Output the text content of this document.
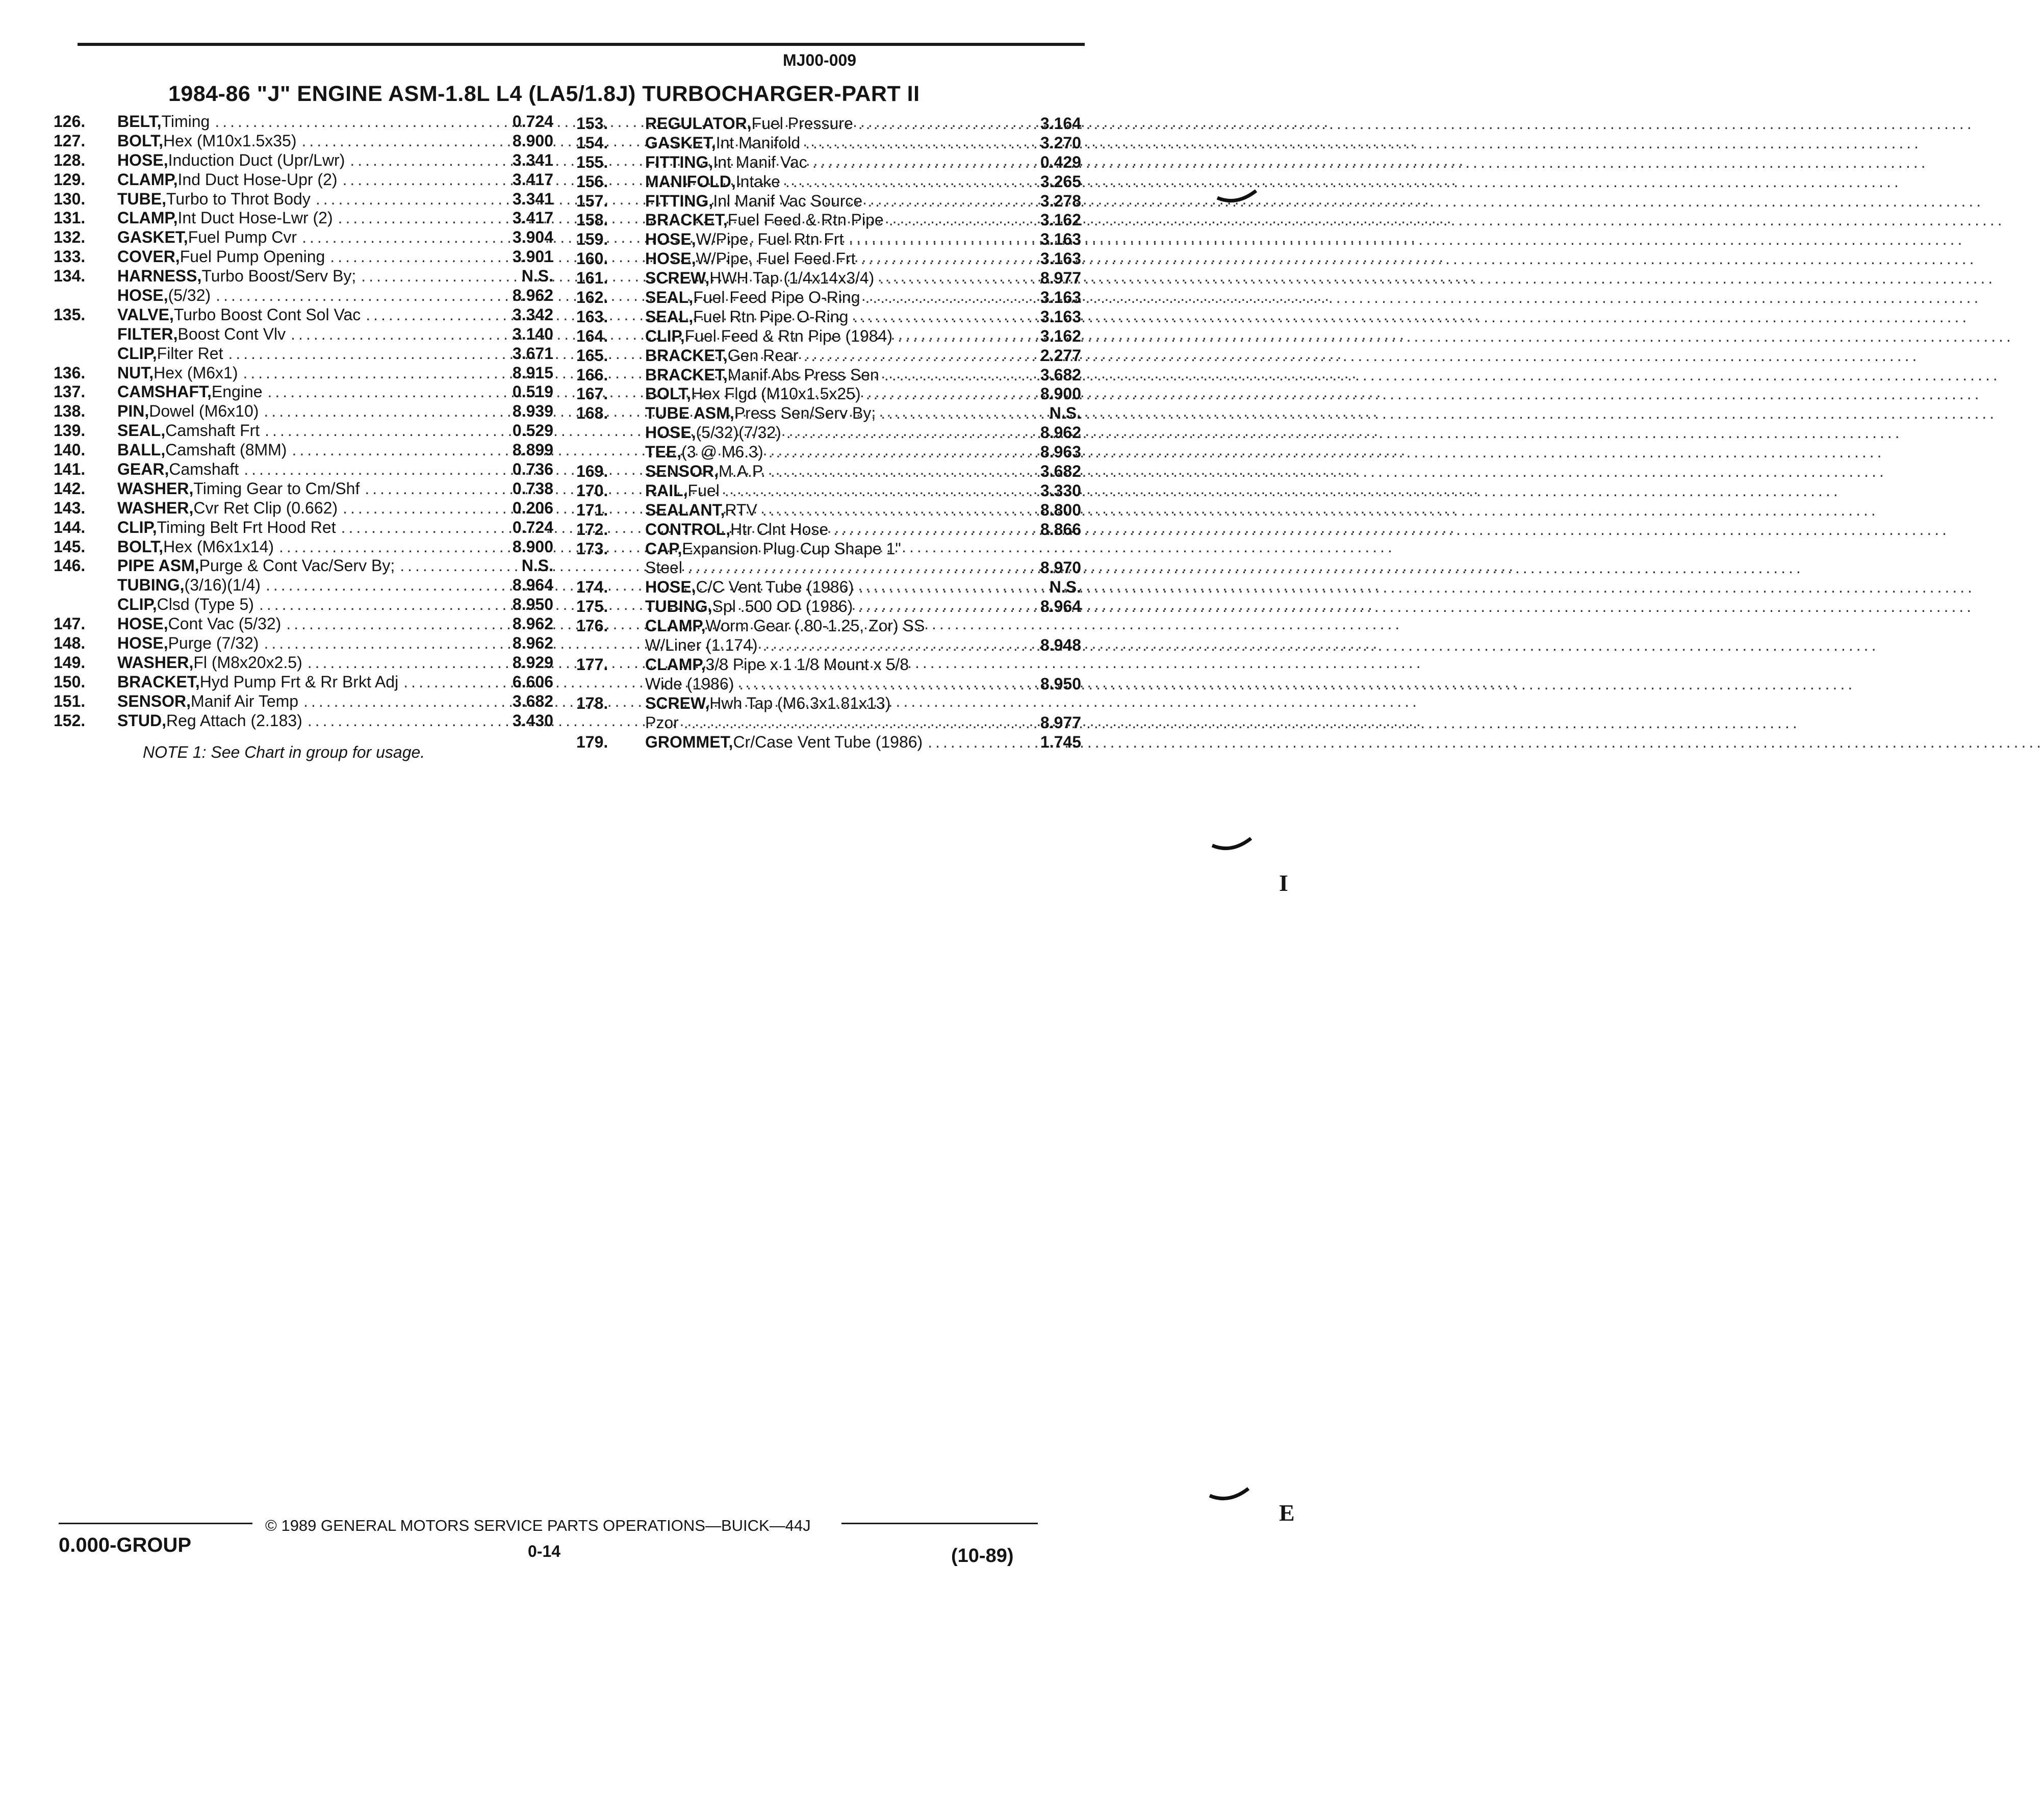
MJ00-009
1984-86 "J" ENGINE ASM-1.8L L4 (LA5/1.8J) TURBOCHARGER-PART II
126. BELT, Timing .....	0.724
127. BOLT, Hex (M10x1.5x35) .....	8.900
128. HOSE, Induction Duct (Upr/Lwr) .....	3.341
129. CLAMP, Ind Duct Hose-Upr (2) .....	3.417
130. TUBE, Turbo to Throt Body .....	3.341
131. CLAMP, Int Duct Hose-Lwr (2) .....	3.417
132. GASKET, Fuel Pump Cvr .....	3.904
133. COVER, Fuel Pump Opening .....	3.901
134. HARNESS, Turbo Boost/Serv By; .....	N.S.
HOSE, (5/32) .....	8.962
135. VALVE, Turbo Boost Cont Sol Vac .....	3.342
FILTER, Boost Cont Vlv .....	3.140
CLIP, Filter Ret .....	3.671
136. NUT, Hex (M6x1) .....	8.915
137. CAMSHAFT, Engine .....	0.519
138. PIN, Dowel (M6x10) .....	8.939
139. SEAL, Camshaft Frt .....	0.529
140. BALL, Camshaft (8MM) .....	8.899
141. GEAR, Camshaft .....	0.736
142. WASHER, Timing Gear to Cm/Shf .....	0.738
143. WASHER, Cvr Ret Clip (0.662) .....	0.206
144. CLIP, Timing Belt Frt Hood Ret .....	0.724
145. BOLT, Hex (M6x1x14) .....	8.900
146. PIPE ASM, Purge & Cont Vac/Serv By; .....	N.S.
TUBING, (3/16)(1/4) .....	8.964
CLIP, Clsd (Type 5) .....	8.950
147. HOSE, Cont Vac (5/32) .....	8.962
148. HOSE, Purge (7/32) .....	8.962
149. WASHER, Fl (M8x20x2.5) .....	8.929
150. BRACKET, Hyd Pump Frt & Rr Brkt Adj .....	6.606
151. SENSOR, Manif Air Temp .....	3.682
152. STUD, Reg Attach (2.183) .....	3.430
153. REGULATOR, Fuel Pressure .....	3.164
154. GASKET, Int Manifold .....	3.270
155. FITTING, Int Manif Vac .....	0.429
156. MANIFOLD, Intake .....	3.265
157. FITTING, Inl Manif Vac Source .....	3.278
158. BRACKET, Fuel Feed & Rtn Pipe .....	3.162
159. HOSE, W/Pipe, Fuel Rtn Frt .....	3.163
160. HOSE, W/Pipe, Fuel Feed Frt .....	3.163
161. SCREW, HWH Tap (1/4x14x3/4) .....	8.977
162. SEAL, Fuel Feed Pipe O-Ring .....	3.163
163. SEAL, Fuel Rtn Pipe O-Ring .....	3.163
164. CLIP, Fuel Feed & Rtn Pipe (1984) .....	3.162
165. BRACKET, Gen Rear .....	2.277
166. BRACKET, Manif Abs Press Sen .....	3.682
167. BOLT, Hex Flgd (M10x1.5x25) .....	8.900
168. TUBE ASM, Press Sen/Serv By; .....	N.S.
HOSE, (5/32)(7/32) .....	8.962
TEE, (3 @ M6.3) .....	8.963
169. SENSOR, M.A.P. .....	3.682
170. RAIL, Fuel .....	3.330
171. SEALANT, RTV .....	8.800
172. CONTROL, Htr Clnt Hose .....	8.866
173. CAP, Expansion Plug Cup Shape 1"
Steel .....	8.970
174. HOSE, C/C Vent Tube (1986) .....	N.S.
175. TUBING, Spl .500 OD (1986) .....	8.964
176. CLAMP, Worm Gear (.80-1.25, Zor) SS
W/Liner (1.174) .....	8.948
177. CLAMP, 3/8 Pipe x 1 1/8 Mount x 5/8
Wide (1986) .....	8.950
178. SCREW, Hwh Tap (M6.3x1.81x13)
Pzor .....	8.977
179. GROMMET, Cr/Case Vent Tube (1986) .....	1.745
NOTE 1: See Chart in group for usage.
0.000-GROUP
© 1989 GENERAL MOTORS SERVICE PARTS OPERATIONS—BUICK—44J
0-14	(10-89)
I
E
